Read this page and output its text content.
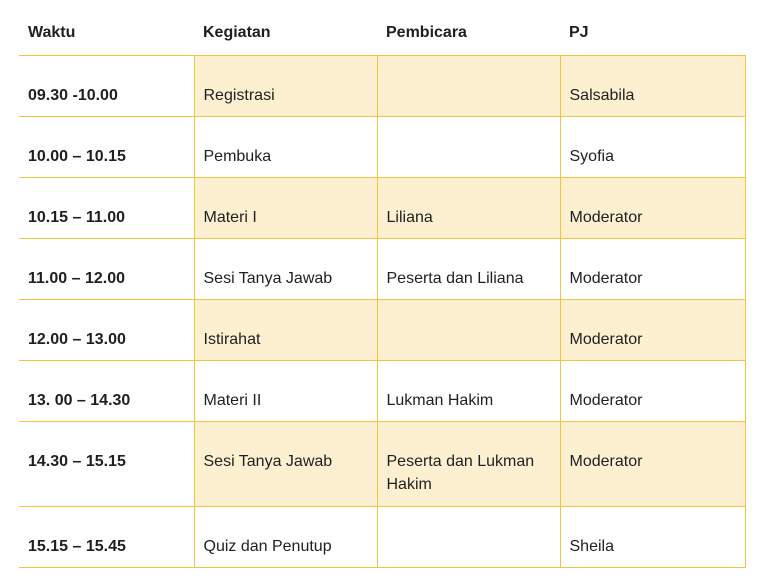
Waktu	Kegiatan	Pembicara	PJ
09.30 -10.00	Registrasi		Salsabila
10.00 – 10.15	Pembuka		Syofia
10.15 – 11.00	Materi I	Liliana	Moderator
11.00 – 12.00	Sesi Tanya Jawab	Peserta dan Liliana	Moderator
12.00 – 13.00	Istirahat		Moderator
13. 00 – 14.30	Materi II	Lukman Hakim	Moderator
14.30 – 15.15	Sesi Tanya Jawab	Peserta dan Lukman Hakim	Moderator
15.15 – 15.45	Quiz dan Penutup		Sheila
